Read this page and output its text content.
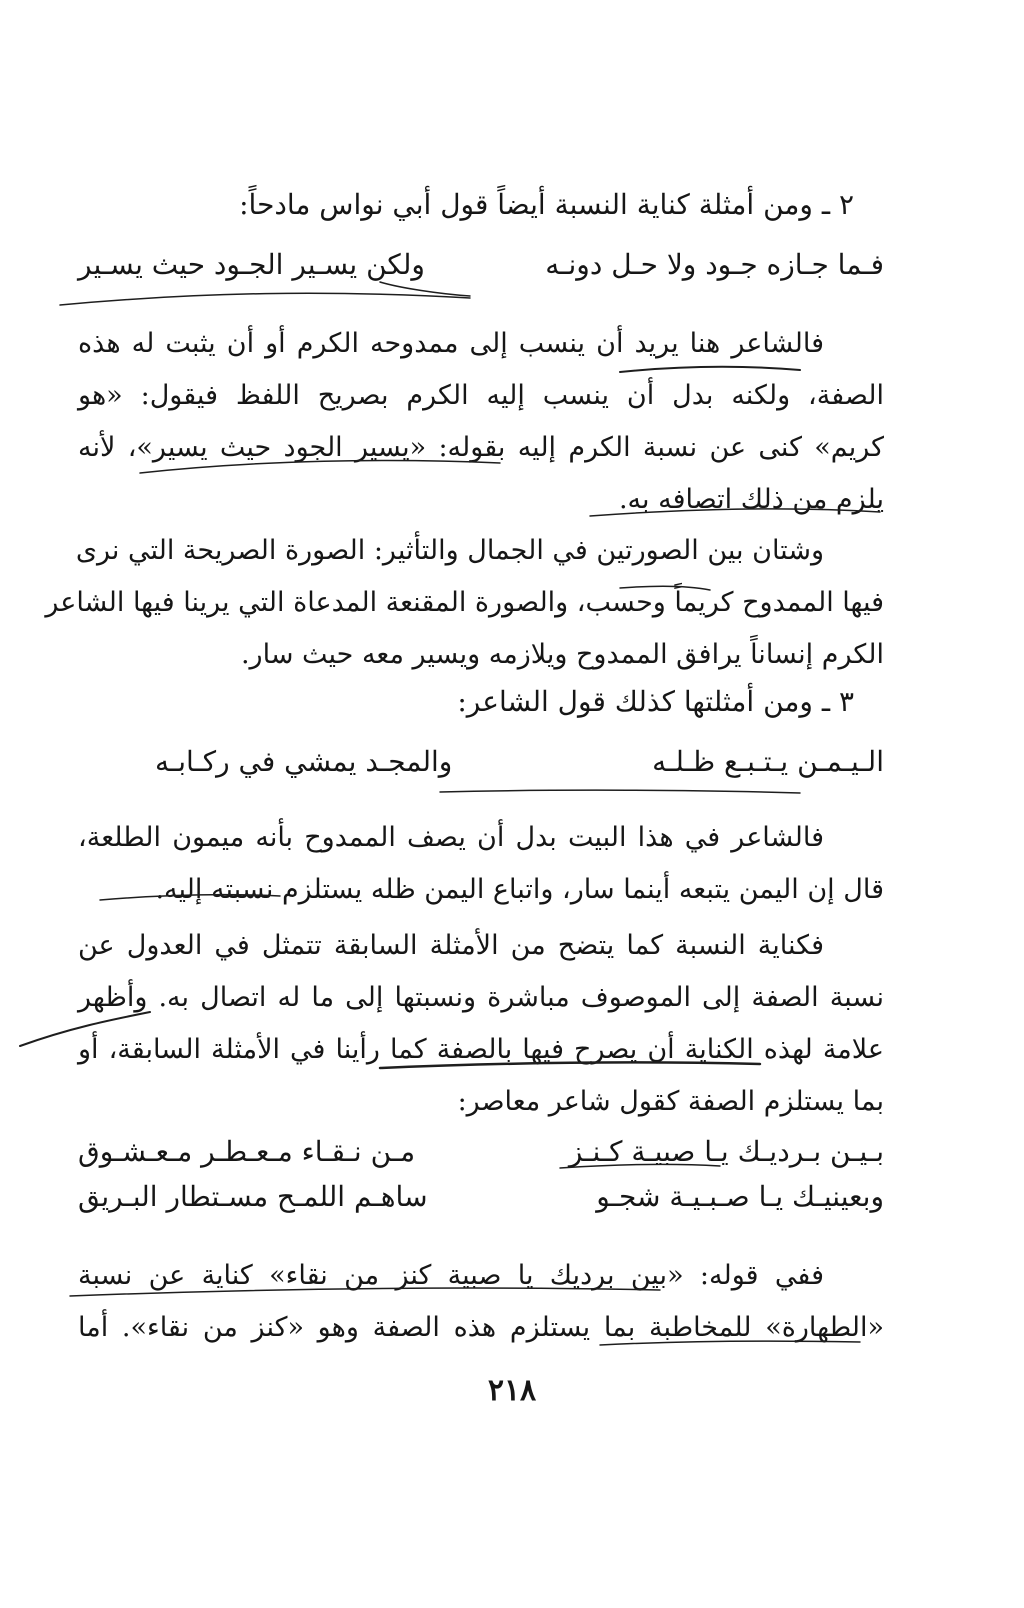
٢ ـ ومن أمثلة كناية النسبة أيضاً قول أبي نواس مادحاً:
فـما جـازه جـود ولا حـل دونـه
ولكن يسـير الجـود حيث يسـير
فالشاعر هنا يريد أن ينسب إلى ممدوحه الكرم أو أن يثبت له هذه
الصفة، ولكنه بدل أن ينسب إليه الكرم بصريح اللفظ فيقول: «هو
كريم» كنى عن نسبة الكرم إليه بقوله: «يسير الجود حيث يسير»، لأنه
يلزم من ذلك اتصافه به.
وشتان بين الصورتين في الجمال والتأثير: الصورة الصريحة التي نرى
فيها الممدوح كريماً وحسب، والصورة المقنعة المدعاة التي يرينا فيها الشاعر
الكرم إنساناً يرافق الممدوح ويلازمه ويسير معه حيث سار.
٣ ـ ومن أمثلتها كذلك قول الشاعر:
الـيـمـن يـتـبـع ظـلـه
والمجـد يمشي في ركـابـه
فالشاعر في هذا البيت بدل أن يصف الممدوح بأنه ميمون الطلعة،
قال إن اليمن يتبعه أينما سار، واتباع اليمن ظله يستلزم نسبته إليه.
فكناية النسبة كما يتضح من الأمثلة السابقة تتمثل في العدول عن
نسبة الصفة إلى الموصوف مباشرة ونسبتها إلى ما له اتصال به. وأظهر
علامة لهذه الكناية أن يصرح فيها بالصفة كما رأينا في الأمثلة السابقة، أو
بما يستلزم الصفة كقول شاعر معاصر:
بـيـن بـرديـك يـا صبيـة كـنـز
مـن نـقـاء مـعـطـر مـعـشـوق
وبعينيـك يـا صـبـيـة شجـو
ساهـم اللمـح مسـتطار البـريق
ففي قوله: «بين برديك يا صبية كنز من نقاء» كناية عن نسبة
«الطهارة» للمخاطبة بما يستلزم هذه الصفة وهو «كنز من نقاء». أما
٢١٨
